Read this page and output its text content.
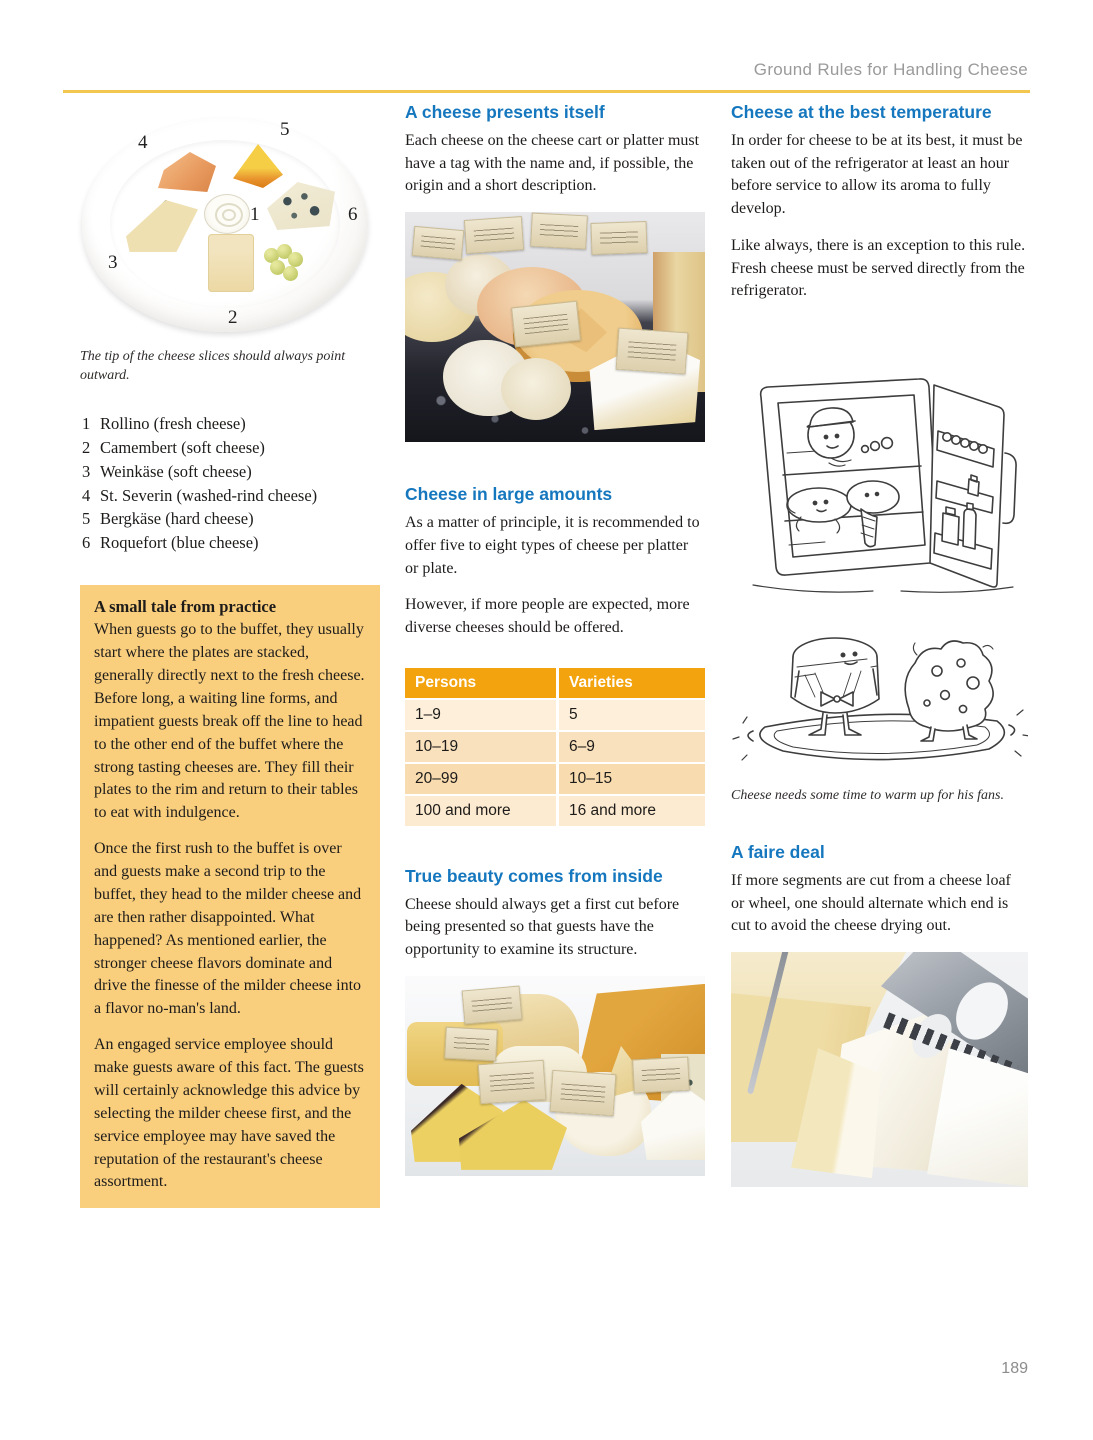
Ground Rules for Handling Cheese
4
5
6
1
3
2

The tip of the cheese slices should always point outward.

1 Rollino (fresh cheese)
2 Camembert (soft cheese)
3 Weinkäse (soft cheese)
4 St. Severin (washed-rind cheese)
5 Bergkäse (hard cheese)
6 Roquefort (blue cheese)
A small tale from practice

When guests go to the buffet, they usually start where the plates are stacked, generally directly next to the fresh cheese. Before long, a waiting line forms, and impatient guests break off the line to head to the other end of the buffet where the strong tasting cheeses are. They fill their plates to the rim and return to their tables to eat with indulgence.

Once the first rush to the buffet is over and guests make a second trip to the buffet, they head to the milder cheese and are then rather disappointed. What happened? As mentioned earlier, the stronger cheese flavors dominate and drive the finesse of the milder cheese into a flavor no-man's land.

An engaged service employee should make guests aware of this fact. The guests will certainly acknowledge this advice by selecting the milder cheese first, and the service employee may have saved the reputation of the restaurant's cheese assortment.

A cheese presents itself

Each cheese on the cheese cart or platter must have a tag with the name and, if possible, the origin and a short description.

Cheese in large amounts

As a matter of principle, it is recommended to offer five to eight types of cheese per platter or plate.

However, if more people are expected, more diverse cheeses should be offered.

Persons	Varieties
1–9	5
10–19	6–9
20–99	10–15
100 and more	16 and more
True beauty comes from inside

Cheese should always get a first cut before being presented so that guests have the opportunity to examine its structure.

Cheese at the best temperature

In order for cheese to be at its best, it must be taken out of the refrigerator at least an hour before service to allow its aroma to fully develop.

Like always, there is an exception to this rule. Fresh cheese must be served directly from the refrigerator.

Cheese needs some time to warm up for his fans.

A faire deal

If more segments are cut from a cheese loaf or wheel, one should alternate which end is cut to avoid the cheese drying out.

189
